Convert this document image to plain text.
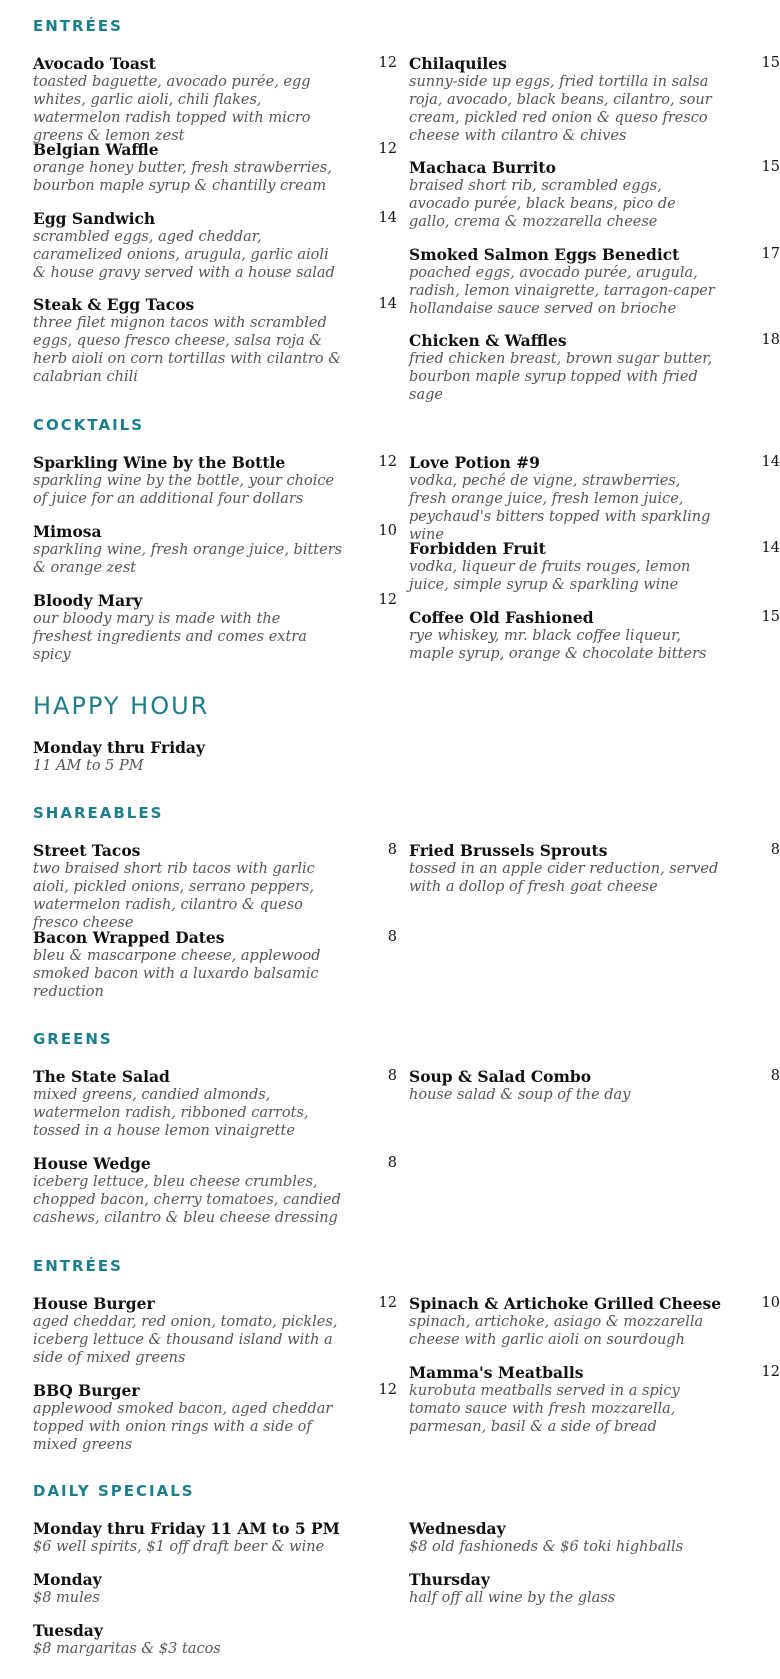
ENTRÉES
Avocado Toast	12
toasted baguette, avocado purée, egg whites, garlic aioli, chili flakes, watermelon radish topped with micro greens & lemon zest
Belgian Waffle	12
orange honey butter, fresh strawberries, bourbon maple syrup & chantilly cream
Egg Sandwich	14
scrambled eggs, aged cheddar, caramelized onions, arugula, garlic aioli & house gravy served with a house salad
Steak & Egg Tacos	14
three filet mignon tacos with scrambled eggs, queso fresco cheese, salsa roja & herb aioli on corn tortillas with cilantro & calabrian chili
Chilaquiles	15
sunny-side up eggs, fried tortilla in salsa roja, avocado, black beans, cilantro, sour cream, pickled red onion & queso fresco cheese with cilantro & chives
Machaca Burrito	15
braised short rib, scrambled eggs, avocado purée, black beans, pico de gallo, crema & mozzarella cheese
Smoked Salmon Eggs Benedict	17
poached eggs, avocado purée, arugula, radish, lemon vinaigrette, tarragon-caper hollandaise sauce served on brioche
Chicken & Waffles	18
fried chicken breast, brown sugar butter, bourbon maple syrup topped with fried sage
COCKTAILS
Sparkling Wine by the Bottle	12
sparkling wine by the bottle, your choice of juice for an additional four dollars
Mimosa	10
sparkling wine, fresh orange juice, bitters & orange zest
Bloody Mary	12
our bloody mary is made with the freshest ingredients and comes extra spicy
Love Potion #9	14
vodka, peché de vigne, strawberries, fresh orange juice, fresh lemon juice, peychaud's bitters topped with sparkling wine
Forbidden Fruit	14
vodka, liqueur de fruits rouges, lemon juice, simple syrup & sparkling wine
Coffee Old Fashioned	15
rye whiskey, mr. black coffee liqueur, maple syrup, orange & chocolate bitters
HAPPY HOUR
Monday thru Friday
11 AM to 5 PM
SHAREABLES
Street Tacos	8
two braised short rib tacos with garlic aioli, pickled onions, serrano peppers, watermelon radish, cilantro & queso fresco cheese
Bacon Wrapped Dates	8
bleu & mascarpone cheese, applewood smoked bacon with a luxardo balsamic reduction
Fried Brussels Sprouts	8
tossed in an apple cider reduction, served with a dollop of fresh goat cheese
GREENS
The State Salad	8
mixed greens, candied almonds, watermelon radish, ribboned carrots, tossed in a house lemon vinaigrette
House Wedge	8
iceberg lettuce, bleu cheese crumbles, chopped bacon, cherry tomatoes, candied cashews, cilantro & bleu cheese dressing
Soup & Salad Combo	8
house salad & soup of the day
ENTRÉES
House Burger	12
aged cheddar, red onion, tomato, pickles, iceberg lettuce & thousand island with a side of mixed greens
BBQ Burger	12
applewood smoked bacon, aged cheddar topped with onion rings with a side of mixed greens
Spinach & Artichoke Grilled Cheese	10
spinach, artichoke, asiago & mozzarella cheese with garlic aioli on sourdough
Mamma's Meatballs	12
kurobuta meatballs served in a spicy tomato sauce with fresh mozzarella, parmesan, basil & a side of bread
DAILY SPECIALS
Monday thru Friday 11 AM to 5 PM
$6 well spirits, $1 off draft beer & wine
Monday
$8 mules
Tuesday
$8 margaritas & $3 tacos
Wednesday
$8 old fashioneds & $6 toki highballs
Thursday
half off all wine by the glass
